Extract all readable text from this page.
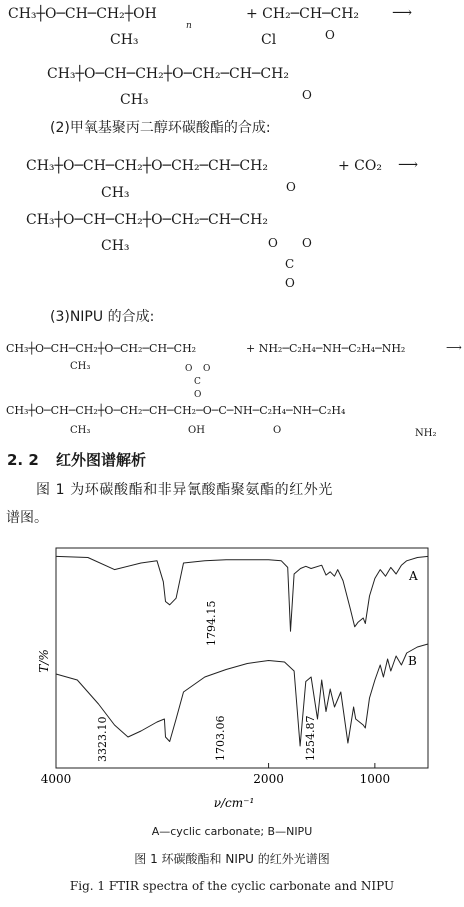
CH₃┼O─CH─CH₂┼OH
n
CH₃
+ CH₂─CH─CH₂
O
Cl
⟶
CH₃┼O─CH─CH₂┼O─CH₂─CH─CH₂
CH₃	O
(2)甲氧基聚丙二醇环碳酸酯的合成:
CH₃┼O─CH─CH₂┼O─CH₂─CH─CH₂
CH₃	O
+ CO₂ ⟶
CH₃┼O─CH─CH₂┼O─CH₂─CH─CH₂
CH₃	O O
C
O
(3)NIPU 的合成:
CH₃┼O─CH─CH₂┼O─CH₂─CH─CH₂
CH₃	O O
C
O
+ NH₂─C₂H₄─NH─C₂H₄─NH₂	⟶
CH₃┼O─CH─CH₂┼O─CH₂─CH─CH₂─O─C─NH─C₂H₄─NH─C₂H₄
CH₃	OH	O	NH₂
2. 2 红外图谱解析
图 1 为环碳酸酯和非异氰酸酯聚氨酯的红外光
谱图。
4000	2000	1000
T/%
ν/cm⁻¹
A
B
1794.15
3323.10	1703.06	1254.87
A—cyclic carbonate; B—NIPU
图 1 环碳酸酯和 NIPU 的红外光谱图
Fig. 1 FTIR spectra of the cyclic carbonate and NIPU
